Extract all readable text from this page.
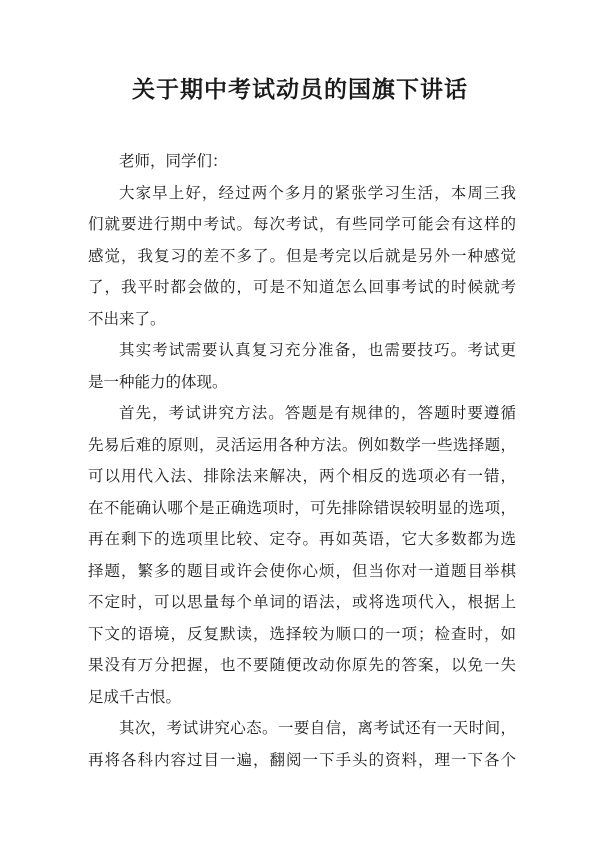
关于期中考试动员的国旗下讲话
老师，同学们：
大家早上好，经过两个多月的紧张学习生活，本周三我
们就要进行期中考试。每次考试，有些同学可能会有这样的
感觉，我复习的差不多了。但是考完以后就是另外一种感觉
了，我平时都会做的，可是不知道怎么回事考试的时候就考
不出来了。
其实考试需要认真复习充分准备，也需要技巧。考试更
是一种能力的体现。
首先，考试讲究方法。答题是有规律的，答题时要遵循
先易后难的原则，灵活运用各种方法。例如数学一些选择题，
可以用代入法、排除法来解决，两个相反的选项必有一错，
在不能确认哪个是正确选项时，可先排除错误较明显的选项，
再在剩下的选项里比较、定夺。再如英语，它大多数都为选
择题，繁多的题目或许会使你心烦，但当你对一道题目举棋
不定时，可以思量每个单词的语法，或将选项代入，根据上
下文的语境，反复默读，选择较为顺口的一项；检查时，如
果没有万分把握，也不要随便改动你原先的答案，以免一失
足成千古恨。
其次，考试讲究心态。一要自信，离考试还有一天时间，
再将各科内容过目一遍，翻阅一下手头的资料，理一下各个
